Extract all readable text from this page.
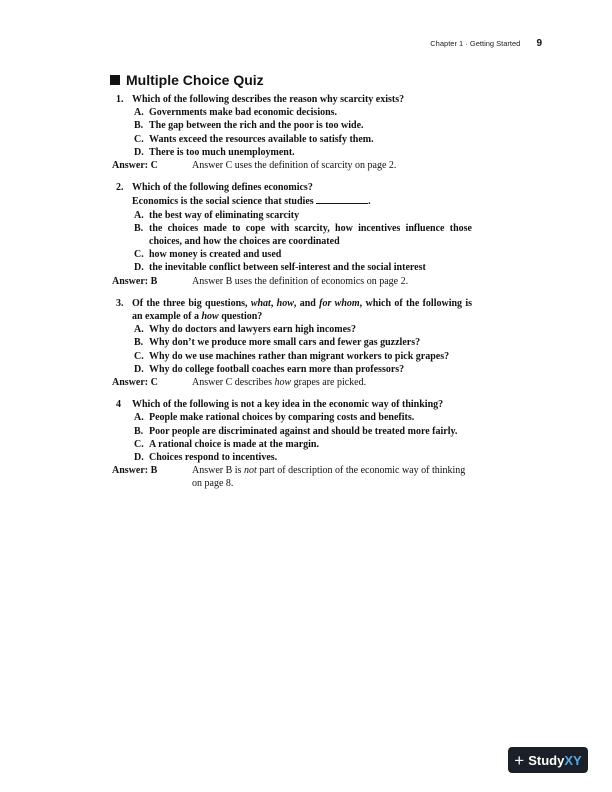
Chapter 1 · Getting Started 9
Multiple Choice Quiz
1. Which of the following describes the reason why scarcity exists?
A. Governments make bad economic decisions.
B. The gap between the rich and the poor is too wide.
C. Wants exceed the resources available to satisfy them.
D. There is too much unemployment.
Answer: C	Answer C uses the definition of scarcity on page 2.
2. Which of the following defines economics?
Economics is the social science that studies	.
A. the best way of eliminating scarcity
B. the choices made to cope with scarcity, how incentives influence those choices, and how the choices are coordinated
C. how money is created and used
D. the inevitable conflict between self-interest and the social interest
Answer: B	Answer B uses the definition of economics on page 2.
3. Of the three big questions, what, how, and for whom, which of the following is an example of a how question?
A. Why do doctors and lawyers earn high incomes?
B. Why don’t we produce more small cars and fewer gas guzzlers?
C. Why do we use machines rather than migrant workers to pick grapes?
D. Why do college football coaches earn more than professors?
Answer: C	Answer C describes how grapes are picked.
4 Which of the following is not a key idea in the economic way of thinking?
A. People make rational choices by comparing costs and benefits.
B. Poor people are discriminated against and should be treated more fairly.
C. A rational choice is made at the margin.
D. Choices respond to incentives.
Answer: B	Answer B is not part of description of the economic way of thinking on page 8.
+ Study XY
